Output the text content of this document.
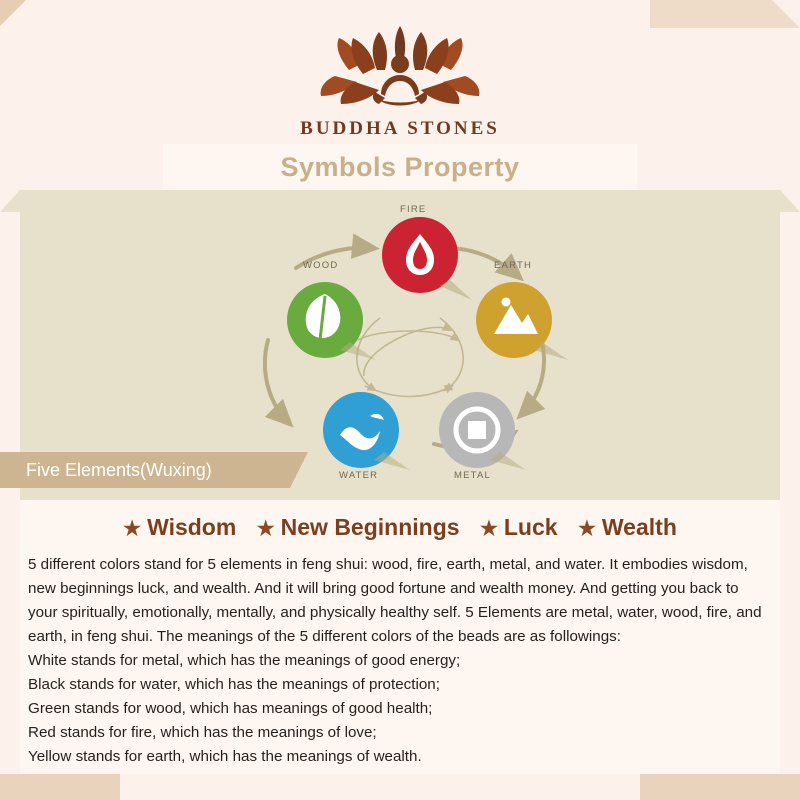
BUDDHA STONES
Symbols Property
FIRE
EARTH
METAL
WATER
WOOD
Five Elements(Wuxing)
★ Wisdom ★ New Beginnings ★ Luck ★ Wealth

5 different colors stand for 5 elements in feng shui: wood, fire, earth, metal, and water. It embodies wisdom, new beginnings luck, and wealth. And it will bring good fortune and wealth money. And getting you back to your spiritually, emotionally, mentally, and physically healthy self. 5 Elements are metal, water, wood, fire, and earth, in feng shui. The meanings of the 5 different colors of the beads are as followings:

White stands for metal, which has the meanings of good energy;

Black stands for water, which has the meanings of protection;

Green stands for wood, which has meanings of good health;

Red stands for fire, which has the meanings of love;

Yellow stands for earth, which has the meanings of wealth.
